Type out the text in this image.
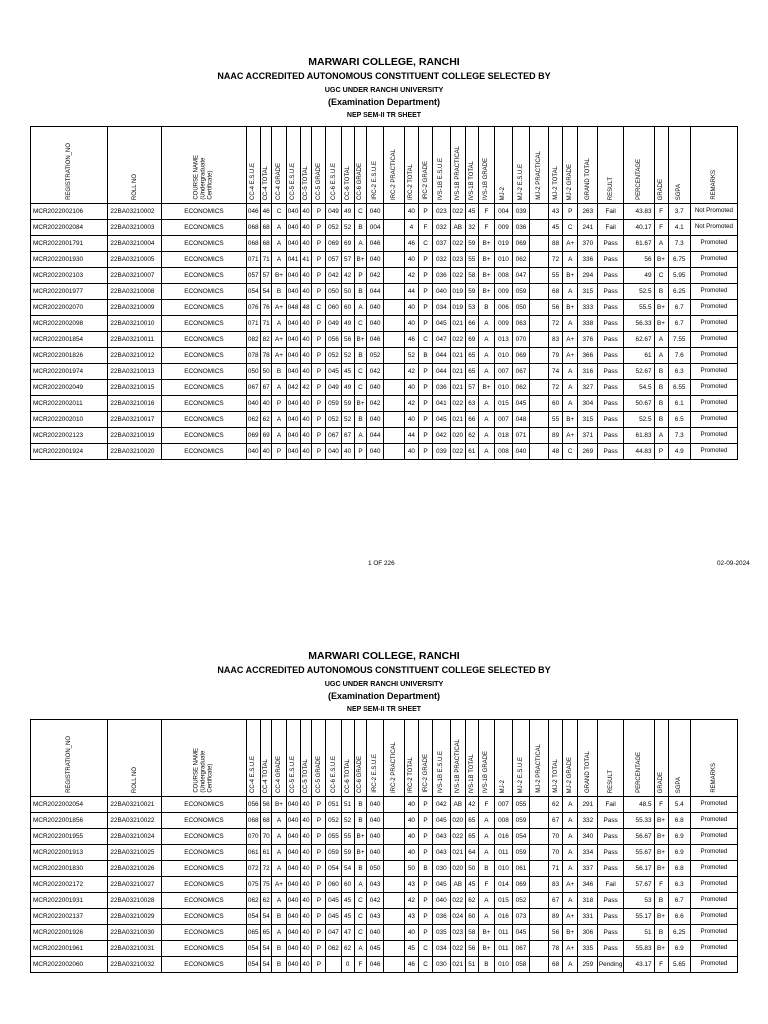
MARWARI COLLEGE, RANCHI
NAAC ACCREDITED AUTONOMOUS CONSTITUENT COLLEGE SELECTED BY
UGC UNDER RANCHI UNIVERSITY
(Examination Department)
NEP SEM-II TR SHEET
REGISTRATION_NO	ROLL NO	COURSE NAME
(Undergraduate
Certificate)	CC-4 E.S.U.E	CC-4 TOTAL	CC-4 GRADE	CC-5 E.S.U.E	CC-5 TOTAL	CC-5 GRADE	CC-6 E.S.U.E	CC-6 TOTAL	CC-6 GRADE	IRC-2 E.S.U.E	IRC-2 PRACTICAL	IRC-2 TOTAL	IRC-2 GRADE	IVS-1B E.S.U.E	IVS-1B PRACTICAL	IVS-1B TOTAL	IVS-1B GRADE	MJ-2	MJ-2 E.S.U.E	MJ-2 PRACTICAL	MJ-2 TOTAL	MJ-2 GRADE	GRAND TOTAL	RESULT	PERCENTAGE	GRADE	SGPA	REMARKS

MCR2022002106	22BA03210002	ECONOMICS	046	46	C	040	40	P	049	49	C	040		40	P	023	022	45	F	004	039		43	P	263	Fail	43.83	F	3.7	Not Promoted
MCR2022002084	22BA03210003	ECONOMICS	068	68	A	040	40	P	052	52	B	004		4	F	032	AB	32	F	009	036		45	C	241	Fail	40.17	F	4.1	Not Promoted
MCR2022001791	22BA03210004	ECONOMICS	068	68	A	040	40	P	069	69	A	046		46	C	037	022	59	B+	019	069		88	A+	370	Pass	61.67	A	7.3	Promoted
MCR2022001930	22BA03210005	ECONOMICS	071	71	A	041	41	P	057	57	B+	040		40	P	032	023	55	B+	010	062		72	A	336	Pass	56	B+	6.75	Promoted
MCR2022002103	22BA03210007	ECONOMICS	057	57	B+	040	40	P	042	42	P	042		42	P	036	022	58	B+	008	047		55	B+	294	Pass	49	C	5.95	Promoted
MCR2022001977	22BA03210008	ECONOMICS	054	54	B	040	40	P	050	50	B	044		44	P	040	019	59	B+	009	059		68	A	315	Pass	52.5	B	6.25	Promoted
MCR2022002070	22BA03210009	ECONOMICS	076	76	A+	048	48	C	060	60	A	040		40	P	034	019	53	B	006	050		56	B+	333	Pass	55.5	B+	6.7	Promoted
MCR2022002098	22BA03210010	ECONOMICS	071	71	A	040	40	P	049	49	C	040		40	P	045	021	66	A	009	063		72	A	338	Pass	56.33	B+	6.7	Promoted
MCR2022001854	22BA03210011	ECONOMICS	082	82	A+	040	40	P	056	56	B+	046		46	C	047	022	69	A	013	070		83	A+	376	Pass	62.67	A	7.55	Promoted
MCR2022001826	22BA03210012	ECONOMICS	078	78	A+	040	40	P	052	52	B	052		52	B	044	021	65	A	010	069		79	A+	366	Pass	61	A	7.6	Promoted
MCR2022001974	22BA03210013	ECONOMICS	050	50	B	040	40	P	045	45	C	042		42	P	044	021	65	A	007	067		74	A	316	Pass	52.67	B	6.3	Promoted
MCR2022002049	22BA03210015	ECONOMICS	067	67	A	042	42	P	049	49	C	040		40	P	036	021	57	B+	010	062		72	A	327	Pass	54.5	B	6.55	Promoted
MCR2022002011	22BA03210016	ECONOMICS	040	40	P	040	40	P	059	59	B+	042		42	P	041	022	63	A	015	045		60	A	304	Pass	50.67	B	6.1	Promoted
MCR2022002010	22BA03210017	ECONOMICS	062	62	A	040	40	P	052	52	B	040		40	P	045	021	66	A	007	048		55	B+	315	Pass	52.5	B	6.5	Promoted
MCR2022002123	22BA03210019	ECONOMICS	069	69	A	040	40	P	067	67	A	044		44	P	042	020	62	A	018	071		89	A+	371	Pass	61.83	A	7.3	Promoted
MCR2022001924	22BA03210020	ECONOMICS	040	40	P	040	40	P	040	40	P	040		40	P	039	022	61	A	008	040		48	C	269	Pass	44.83	P	4.9	Promoted
1 OF 226	02-09-2024
MARWARI COLLEGE, RANCHI
NAAC ACCREDITED AUTONOMOUS CONSTITUENT COLLEGE SELECTED BY
UGC UNDER RANCHI UNIVERSITY
(Examination Department)
NEP SEM-II TR SHEET
REGISTRATION_NO	ROLL NO	COURSE NAME
(Undergraduate
Certificate)	CC-4 E.S.U.E	CC-4 TOTAL	CC-4 GRADE	CC-5 E.S.U.E	CC-5 TOTAL	CC-5 GRADE	CC-6 E.S.U.E	CC-6 TOTAL	CC-6 GRADE	IRC-2 E.S.U.E	IRC-2 PRACTICAL	IRC-2 TOTAL	IRC-2 GRADE	IVS-1B E.S.U.E	IVS-1B PRACTICAL	IVS-1B TOTAL	IVS-1B GRADE	MJ-2	MJ-2 E.S.U.E	MJ-2 PRACTICAL	MJ-2 TOTAL	MJ-2 GRADE	GRAND TOTAL	RESULT	PERCENTAGE	GRADE	SGPA	REMARKS

MCR2022002054	22BA03210021	ECONOMICS	056	56	B+	040	40	P	051	51	B	040		40	P	042	AB	42	F	007	055		62	A	291	Fail	48.5	F	5.4	Promoted
MCR2022001856	22BA03210022	ECONOMICS	068	68	A	040	40	P	052	52	B	040		40	P	045	020	65	A	008	059		67	A	332	Pass	55.33	B+	6.8	Promoted
MCR2022001955	22BA03210024	ECONOMICS	070	70	A	040	40	P	055	55	B+	040		40	P	043	022	65	A	016	054		70	A	340	Pass	56.67	B+	6.9	Promoted
MCR2022001913	22BA03210025	ECONOMICS	061	61	A	040	40	P	059	59	B+	040		40	P	043	021	64	A	011	059		70	A	334	Pass	55.67	B+	6.9	Promoted
MCR2022001830	22BA03210026	ECONOMICS	072	72	A	040	40	P	054	54	B	050		50	B	030	020	50	B	010	061		71	A	337	Pass	56.17	B+	6.8	Promoted
MCR2022002172	22BA03210027	ECONOMICS	075	75	A+	040	40	P	060	60	A	043		43	P	045	AB	45	F	014	069		83	A+	346	Fail	57.67	F	6.3	Promoted
MCR2022001931	22BA03210028	ECONOMICS	062	62	A	040	40	P	045	45	C	042		42	P	040	022	62	A	015	052		67	A	318	Pass	53	B	6.7	Promoted
MCR2022002137	22BA03210029	ECONOMICS	054	54	B	040	40	P	045	45	C	043		43	P	036	024	60	A	016	073		89	A+	331	Pass	55.17	B+	6.6	Promoted
MCR2022001926	22BA03210030	ECONOMICS	065	65	A	040	40	P	047	47	C	040		40	P	035	023	58	B+	011	045		56	B+	306	Pass	51	B	6.25	Promoted
MCR2022001961	22BA03210031	ECONOMICS	054	54	B	040	40	P	062	62	A	045		45	C	034	022	56	B+	011	067		78	A+	335	Pass	55.83	B+	6.9	Promoted
MCR2022002060	22BA03210032	ECONOMICS	054	54	B	040	40	P		0	F	046		46	C	030	021	51	B	010	058		68	A	259	Pending	43.17	F	5.65	Promoted
